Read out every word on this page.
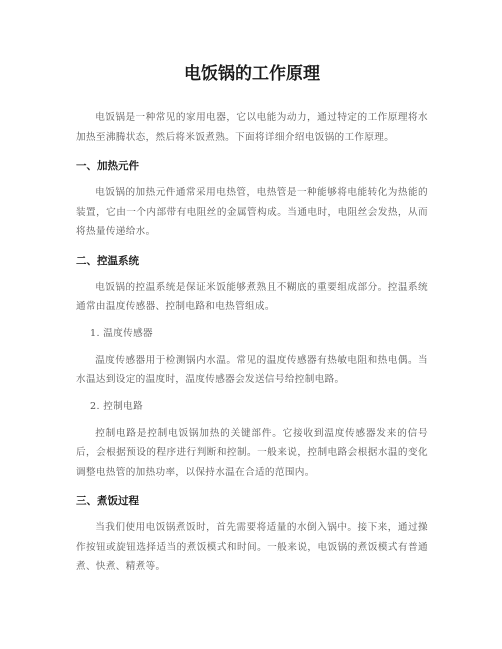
电饭锅的工作原理

电饭锅是一种常见的家用电器，它以电能为动力，通过特定的工作原理将水加热至沸腾状态，然后将米饭煮熟。下面将详细介绍电饭锅的工作原理。

一、加热元件

电饭锅的加热元件通常采用电热管，电热管是一种能够将电能转化为热能的装置，它由一个内部带有电阻丝的金属管构成。当通电时，电阻丝会发热，从而将热量传递给水。

二、控温系统

电饭锅的控温系统是保证米饭能够煮熟且不糊底的重要组成部分。控温系统通常由温度传感器、控制电路和电热管组成。

1. 温度传感器

温度传感器用于检测锅内水温。常见的温度传感器有热敏电阻和热电偶。当水温达到设定的温度时，温度传感器会发送信号给控制电路。

2. 控制电路

控制电路是控制电饭锅加热的关键部件。它接收到温度传感器发来的信号后，会根据预设的程序进行判断和控制。一般来说，控制电路会根据水温的变化调整电热管的加热功率，以保持水温在合适的范围内。

三、煮饭过程

当我们使用电饭锅煮饭时，首先需要将适量的水倒入锅中。接下来，通过操作按钮或旋钮选择适当的煮饭模式和时间。一般来说，电饭锅的煮饭模式有普通煮、快煮、精煮等。
